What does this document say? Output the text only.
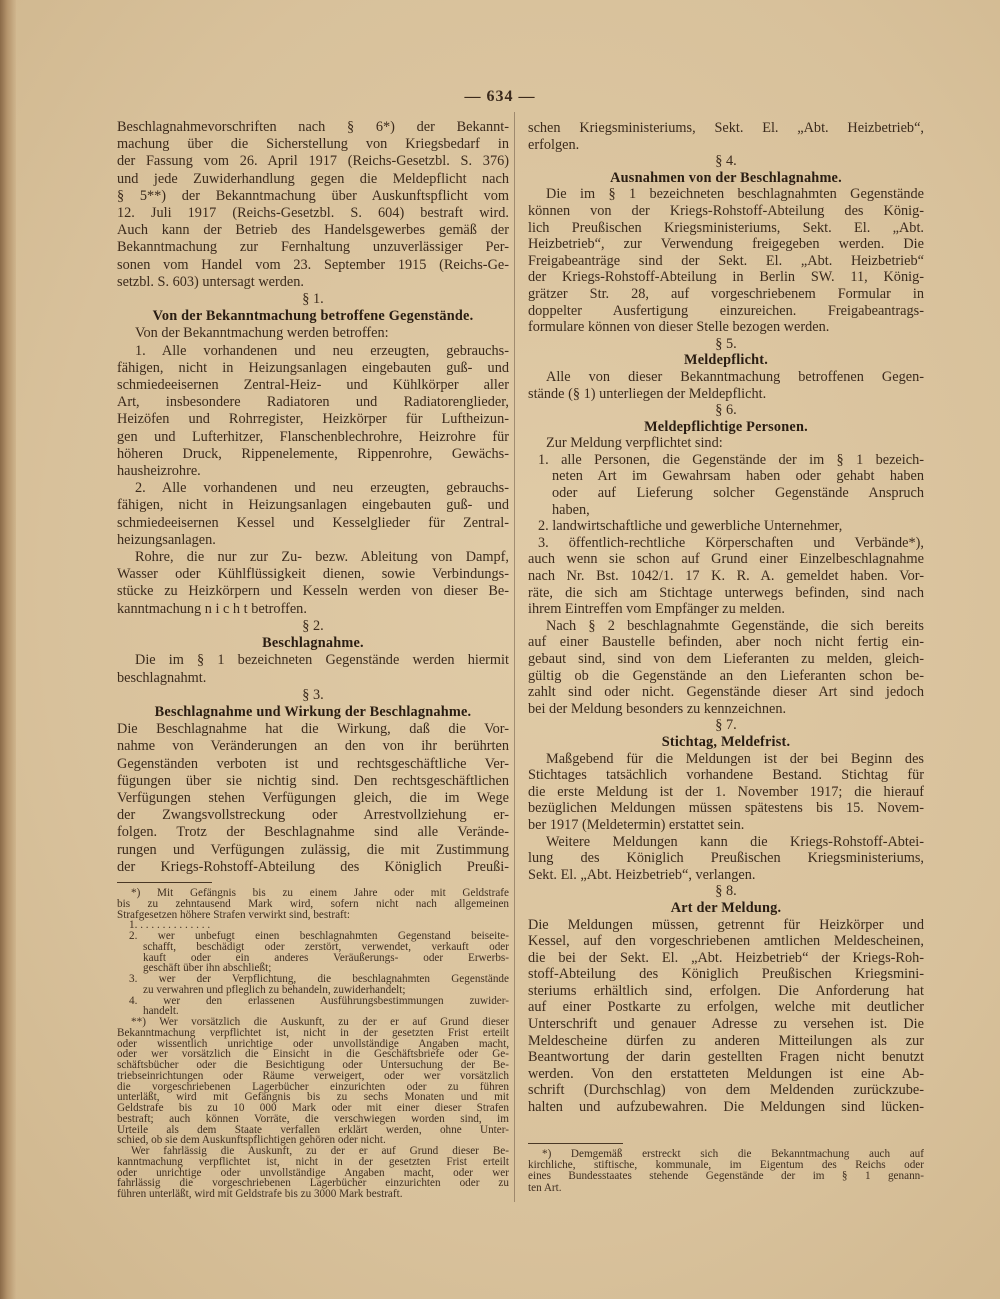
— 634 —
Beschlagnahmevorschriften nach § 6*) der Bekannt-
machung über die Sicherstellung von Kriegsbedarf in
der Fassung vom 26. April 1917 (Reichs-Gesetzbl. S. 376)
und jede Zuwiderhandlung gegen die Meldepflicht nach
§ 5**) der Bekanntmachung über Auskunftspflicht vom
12. Juli 1917 (Reichs-Gesetzbl. S. 604) bestraft wird.
Auch kann der Betrieb des Handelsgewerbes gemäß der
Bekanntmachung zur Fernhaltung unzuverlässiger Per-
sonen vom Handel vom 23. September 1915 (Reichs-Ge-
setzbl. S. 603) untersagt werden.
§ 1.
Von der Bekanntmachung betroffene Gegenstände.
Von der Bekanntmachung werden betroffen:
1. Alle vorhandenen und neu erzeugten, gebrauchs-
fähigen, nicht in Heizungsanlagen eingebauten guß- und
schmiedeeisernen Zentral-Heiz- und Kühlkörper aller
Art, insbesondere Radiatoren und Radiatorenglieder,
Heizöfen und Rohrregister, Heizkörper für Luftheizun-
gen und Lufterhitzer, Flanschenblechrohre, Heizrohre für
höheren Druck, Rippenelemente, Rippenrohre, Gewächs-
hausheizrohre.
2. Alle vorhandenen und neu erzeugten, gebrauchs-
fähigen, nicht in Heizungsanlagen eingebauten guß- und
schmiedeeisernen Kessel und Kesselglieder für Zentral-
heizungsanlagen.
Rohre, die nur zur Zu- bezw. Ableitung von Dampf,
Wasser oder Kühlflüssigkeit dienen, sowie Verbindungs-
stücke zu Heizkörpern und Kesseln werden von dieser Be-
kanntmachung n i c h t betroffen.
§ 2.
Beschlagnahme.
Die im § 1 bezeichneten Gegenstände werden hiermit
beschlagnahmt.
§ 3.
Beschlagnahme und Wirkung der Beschlagnahme.
Die Beschlagnahme hat die Wirkung, daß die Vor-
nahme von Veränderungen an den von ihr berührten
Gegenständen verboten ist und rechtsgeschäftliche Ver-
fügungen über sie nichtig sind. Den rechtsgeschäftlichen
Verfügungen stehen Verfügungen gleich, die im Wege
der Zwangsvollstreckung oder Arrestvollziehung er-
folgen. Trotz der Beschlagnahme sind alle Verände-
rungen und Verfügungen zulässig, die mit Zustimmung
der Kriegs-Rohstoff-Abteilung des Königlich Preußi-
*) Mit Gefängnis bis zu einem Jahre oder mit Geldstrafe
bis zu zehntausend Mark wird, sofern nicht nach allgemeinen
Strafgesetzen höhere Strafen verwirkt sind, bestraft:
1. . . . . . . . . . . . . .
2. wer unbefugt einen beschlagnahmten Gegenstand beiseite-
schafft, beschädigt oder zerstört, verwendet, verkauft oder
kauft oder ein anderes Veräußerungs- oder Erwerbs-
geschäft über ihn abschließt;
3. wer der Verpflichtung, die beschlagnahmten Gegenstände
zu verwahren und pfleglich zu behandeln, zuwiderhandelt;
4. wer den erlassenen Ausführungsbestimmungen zuwider-
handelt.
**) Wer vorsätzlich die Auskunft, zu der er auf Grund dieser
Bekanntmachung verpflichtet ist, nicht in der gesetzten Frist erteilt
oder wissentlich unrichtige oder unvollständige Angaben macht,
oder wer vorsätzlich die Einsicht in die Geschäftsbriefe oder Ge-
schäftsbücher oder die Besichtigung oder Untersuchung der Be-
triebseinrichtungen oder Räume verweigert, oder wer vorsätzlich
die vorgeschriebenen Lagerbücher einzurichten oder zu führen
unterläßt, wird mit Gefängnis bis zu sechs Monaten und mit
Geldstrafe bis zu 10 000 Mark oder mit einer dieser Strafen
bestraft; auch können Vorräte, die verschwiegen worden sind, im
Urteile als dem Staate verfallen erklärt werden, ohne Unter-
schied, ob sie dem Auskunftspflichtigen gehören oder nicht.
Wer fahrlässig die Auskunft, zu der er auf Grund dieser Be-
kanntmachung verpflichtet ist, nicht in der gesetzten Frist erteilt
oder unrichtige oder unvollständige Angaben macht, oder wer
fahrlässig die vorgeschriebenen Lagerbücher einzurichten oder zu
führen unterläßt, wird mit Geldstrafe bis zu 3000 Mark bestraft.
schen Kriegsministeriums, Sekt. El. „Abt. Heizbetrieb“,
erfolgen.
§ 4.
Ausnahmen von der Beschlagnahme.
Die im § 1 bezeichneten beschlagnahmten Gegenstände
können von der Kriegs-Rohstoff-Abteilung des König-
lich Preußischen Kriegsministeriums, Sekt. El. „Abt.
Heizbetrieb“, zur Verwendung freigegeben werden. Die
Freigabeanträge sind der Sekt. El. „Abt. Heizbetrieb“
der Kriegs-Rohstoff-Abteilung in Berlin SW. 11, König-
grätzer Str. 28, auf vorgeschriebenem Formular in
doppelter Ausfertigung einzureichen. Freigabeantrags-
formulare können von dieser Stelle bezogen werden.
§ 5.
Meldepflicht.
Alle von dieser Bekanntmachung betroffenen Gegen-
stände (§ 1) unterliegen der Meldepflicht.
§ 6.
Meldepflichtige Personen.
Zur Meldung verpflichtet sind:
1. alle Personen, die Gegenstände der im § 1 bezeich-
neten Art im Gewahrsam haben oder gehabt haben
oder auf Lieferung solcher Gegenstände Anspruch
haben,
2. landwirtschaftliche und gewerbliche Unternehmer,
3. öffentlich-rechtliche Körperschaften und Verbände*),
auch wenn sie schon auf Grund einer Einzelbeschlagnahme
nach Nr. Bst. 1042/1. 17 K. R. A. gemeldet haben. Vor-
räte, die sich am Stichtage unterwegs befinden, sind nach
ihrem Eintreffen vom Empfänger zu melden.
Nach § 2 beschlagnahmte Gegenstände, die sich bereits
auf einer Baustelle befinden, aber noch nicht fertig ein-
gebaut sind, sind von dem Lieferanten zu melden, gleich-
gültig ob die Gegenstände an den Lieferanten schon be-
zahlt sind oder nicht. Gegenstände dieser Art sind jedoch
bei der Meldung besonders zu kennzeichnen.
§ 7.
Stichtag, Meldefrist.
Maßgebend für die Meldungen ist der bei Beginn des
Stichtages tatsächlich vorhandene Bestand. Stichtag für
die erste Meldung ist der 1. November 1917; die hierauf
bezüglichen Meldungen müssen spätestens bis 15. Novem-
ber 1917 (Meldetermin) erstattet sein.
Weitere Meldungen kann die Kriegs-Rohstoff-Abtei-
lung des Königlich Preußischen Kriegsministeriums,
Sekt. El. „Abt. Heizbetrieb“, verlangen.
§ 8.
Art der Meldung.
Die Meldungen müssen, getrennt für Heizkörper und
Kessel, auf den vorgeschriebenen amtlichen Meldescheinen,
die bei der Sekt. El. „Abt. Heizbetrieb“ der Kriegs-Roh-
stoff-Abteilung des Königlich Preußischen Kriegsmini-
steriums erhältlich sind, erfolgen. Die Anforderung hat
auf einer Postkarte zu erfolgen, welche mit deutlicher
Unterschrift und genauer Adresse zu versehen ist. Die
Meldescheine dürfen zu anderen Mitteilungen als zur
Beantwortung der darin gestellten Fragen nicht benutzt
werden. Von den erstatteten Meldungen ist eine Ab-
schrift (Durchschlag) von dem Meldenden zurückzube-
halten und aufzubewahren. Die Meldungen sind lücken-
*) Demgemäß erstreckt sich die Bekanntmachung auch auf
kirchliche, stiftische, kommunale, im Eigentum des Reichs oder
eines Bundesstaates stehende Gegenstände der im § 1 genann-
ten Art.
